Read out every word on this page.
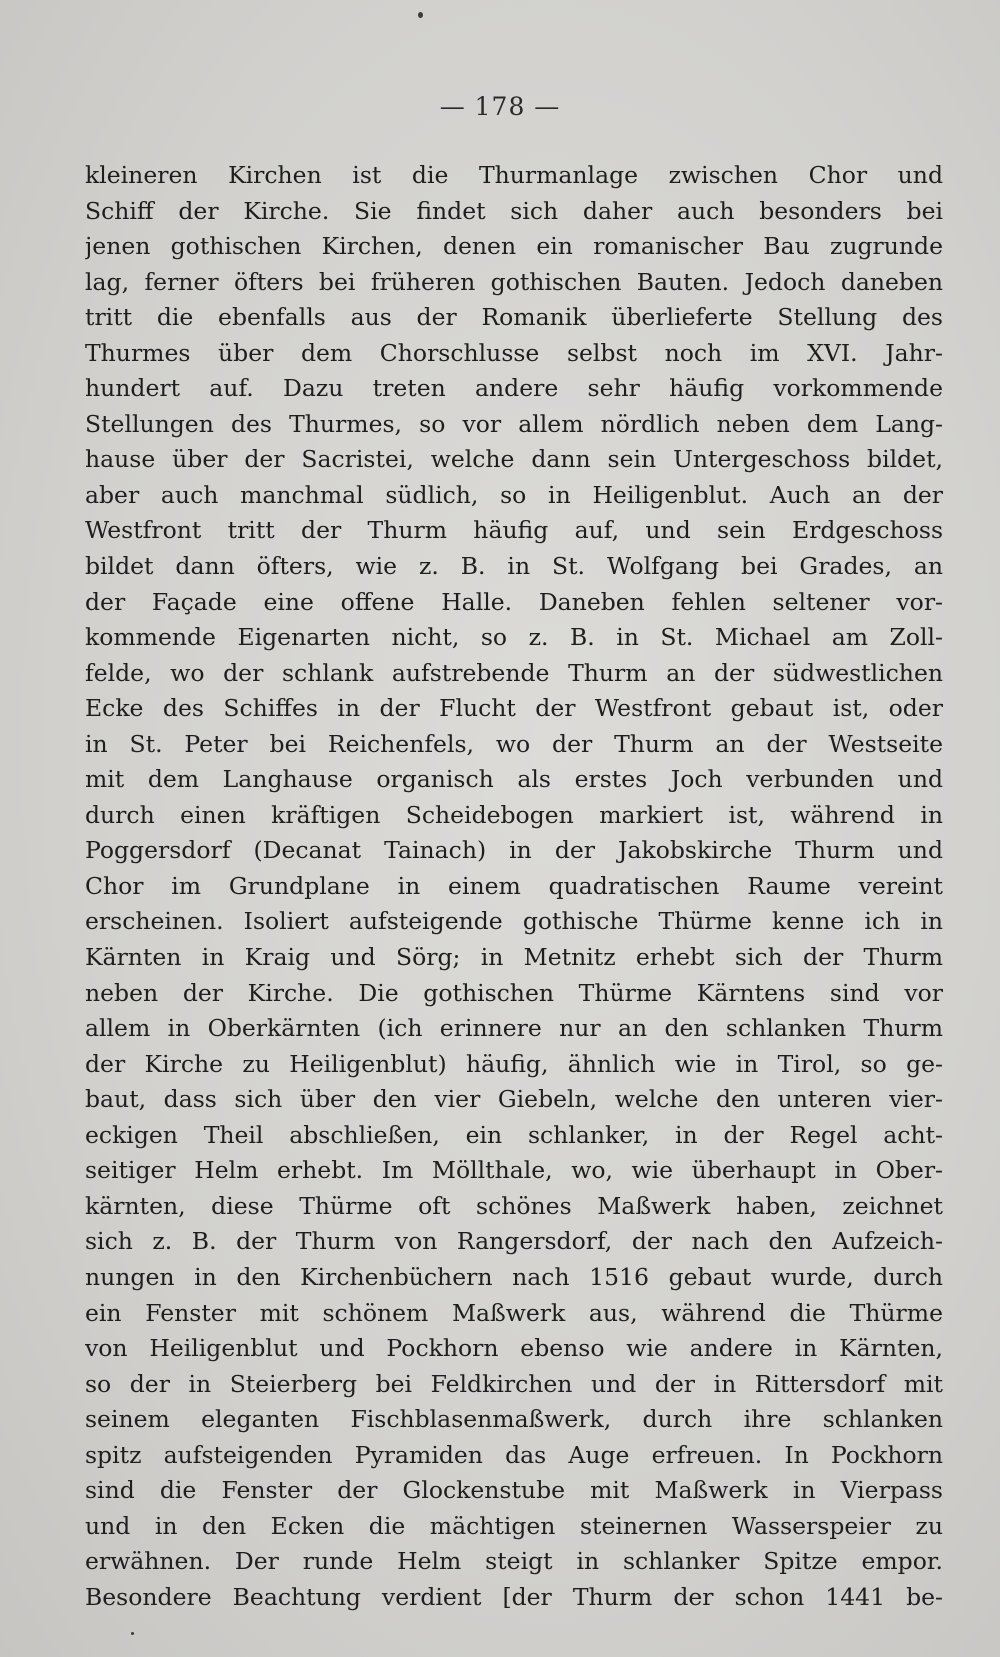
— 178 —
kleineren Kirchen ist die Thurmanlage zwischen Chor und
Schiff der Kirche. Sie findet sich daher auch besonders bei
jenen gothischen Kirchen, denen ein romanischer Bau zugrunde
lag, ferner öfters bei früheren gothischen Bauten. Jedoch daneben
tritt die ebenfalls aus der Romanik überlieferte Stellung des
Thurmes über dem Chorschlusse selbst noch im XVI. Jahr-
hundert auf. Dazu treten andere sehr häufig vorkommende
Stellungen des Thurmes, so vor allem nördlich neben dem Lang-
hause über der Sacristei, welche dann sein Untergeschoss bildet,
aber auch manchmal südlich, so in Heiligenblut. Auch an der
Westfront tritt der Thurm häufig auf, und sein Erdgeschoss
bildet dann öfters, wie z. B. in St. Wolfgang bei Grades, an
der Façade eine offene Halle. Daneben fehlen seltener vor-
kommende Eigenarten nicht, so z. B. in St. Michael am Zoll-
felde, wo der schlank aufstrebende Thurm an der südwestlichen
Ecke des Schiffes in der Flucht der Westfront gebaut ist, oder
in St. Peter bei Reichenfels, wo der Thurm an der Westseite
mit dem Langhause organisch als erstes Joch verbunden und
durch einen kräftigen Scheidebogen markiert ist, während in
Poggersdorf (Decanat Tainach) in der Jakobskirche Thurm und
Chor im Grundplane in einem quadratischen Raume vereint
erscheinen. Isoliert aufsteigende gothische Thürme kenne ich in
Kärnten in Kraig und Sörg; in Metnitz erhebt sich der Thurm
neben der Kirche. Die gothischen Thürme Kärntens sind vor
allem in Oberkärnten (ich erinnere nur an den schlanken Thurm
der Kirche zu Heiligenblut) häufig, ähnlich wie in Tirol, so ge-
baut, dass sich über den vier Giebeln, welche den unteren vier-
eckigen Theil abschließen, ein schlanker, in der Regel acht-
seitiger Helm erhebt. Im Möllthale, wo, wie überhaupt in Ober-
kärnten, diese Thürme oft schönes Maßwerk haben, zeichnet
sich z. B. der Thurm von Rangersdorf, der nach den Aufzeich-
nungen in den Kirchenbüchern nach 1516 gebaut wurde, durch
ein Fenster mit schönem Maßwerk aus, während die Thürme
von Heiligenblut und Pockhorn ebenso wie andere in Kärnten,
so der in Steierberg bei Feldkirchen und der in Rittersdorf mit
seinem eleganten Fischblasenmaßwerk, durch ihre schlanken
spitz aufsteigenden Pyramiden das Auge erfreuen. In Pockhorn
sind die Fenster der Glockenstube mit Maßwerk in Vierpass
und in den Ecken die mächtigen steinernen Wasserspeier zu
erwähnen. Der runde Helm steigt in schlanker Spitze empor.
Besondere Beachtung verdient [der Thurm der schon 1441 be-
